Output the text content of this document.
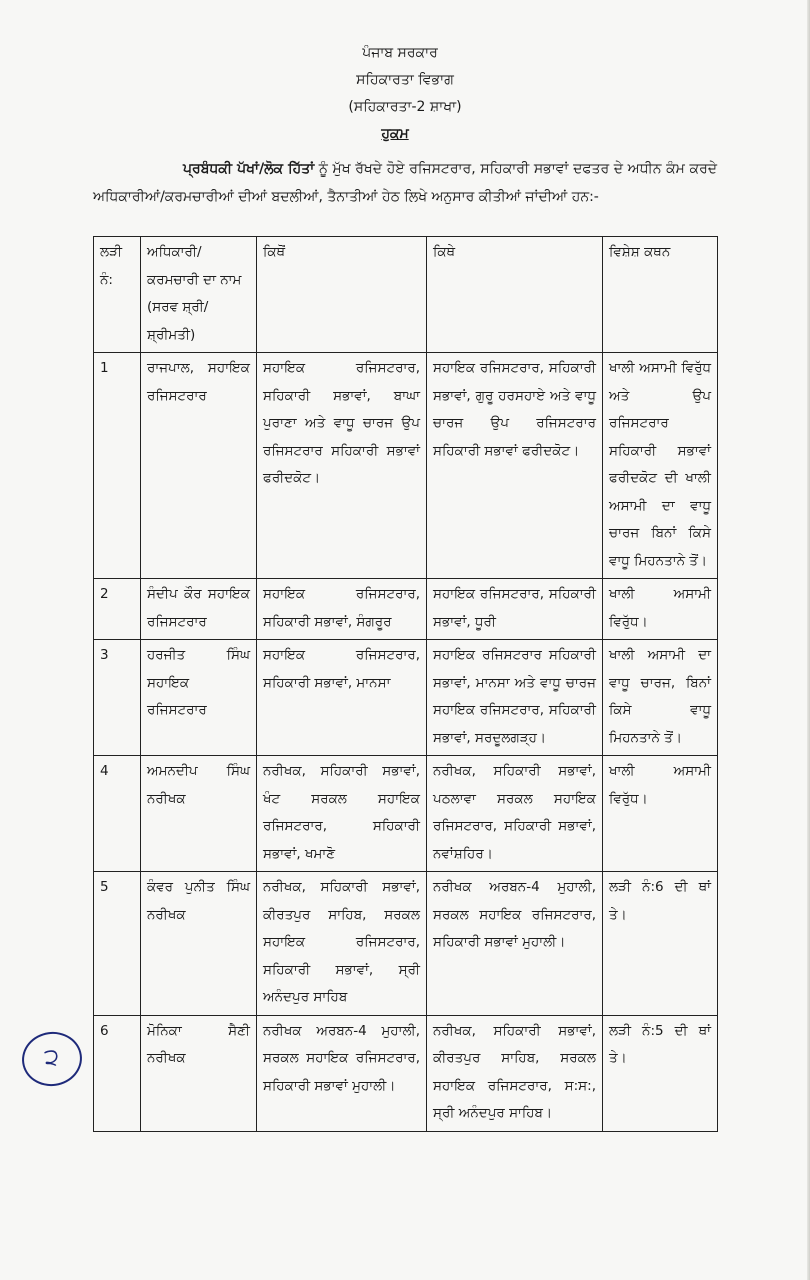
ਪੰਜਾਬ ਸਰਕਾਰ
ਸਹਿਕਾਰਤਾ ਵਿਭਾਗ
(ਸਹਿਕਾਰਤਾ-2 ਸ਼ਾਖਾ)
ਹੁਕਮ
ਪ੍ਰਬੰਧਕੀ ਪੱਖਾਂ/ਲੋਕ ਹਿੱਤਾਂ ਨੂੰ ਮੁੱਖ ਰੱਖਦੇ ਹੋਏ ਰਜਿਸਟਰਾਰ, ਸਹਿਕਾਰੀ ਸਭਾਵਾਂ ਦਫਤਰ ਦੇ ਅਧੀਨ ਕੰਮ ਕਰਦੇ ਅਧਿਕਾਰੀਆਂ/ਕਰਮਚਾਰੀਆਂ ਦੀਆਂ ਬਦਲੀਆਂ, ਤੈਨਾਤੀਆਂ ਹੇਠ ਲਿਖੇ ਅਨੁਸਾਰ ਕੀਤੀਆਂ ਜਾਂਦੀਆਂ ਹਨ:-
ਲੜੀ ਨੰ:	ਅਧਿਕਾਰੀ/ ਕਰਮਚਾਰੀ ਦਾ ਨਾਮ (ਸਰਵ ਸ਼੍ਰੀ/ ਸ਼੍ਰੀਮਤੀ)	ਕਿਥੋਂ	ਕਿਥੇ	ਵਿਸ਼ੇਸ਼ ਕਥਨ
1	ਰਾਜਪਾਲ, ਸਹਾਇਕ ਰਜਿਸਟਰਾਰ	ਸਹਾਇਕ ਰਜਿਸਟਰਾਰ, ਸਹਿਕਾਰੀ ਸਭਾਵਾਂ, ਬਾਘਾ ਪੁਰਾਣਾ ਅਤੇ ਵਾਧੂ ਚਾਰਜ ਉਪ ਰਜਿਸਟਰਾਰ ਸਹਿਕਾਰੀ ਸਭਾਵਾਂ ਫਰੀਦਕੋਟ।	ਸਹਾਇਕ ਰਜਿਸਟਰਾਰ, ਸਹਿਕਾਰੀ ਸਭਾਵਾਂ, ਗੁਰੂ ਹਰਸਹਾਏ ਅਤੇ ਵਾਧੂ ਚਾਰਜ ਉਪ ਰਜਿਸਟਰਾਰ ਸਹਿਕਾਰੀ ਸਭਾਵਾਂ ਫਰੀਦਕੋਟ।	ਖਾਲੀ ਅਸਾਮੀ ਵਿਰੁੱਧ ਅਤੇ ਉਪ ਰਜਿਸਟਰਾਰ ਸਹਿਕਾਰੀ ਸਭਾਵਾਂ ਫਰੀਦਕੋਟ ਦੀ ਖਾਲੀ ਅਸਾਮੀ ਦਾ ਵਾਧੂ ਚਾਰਜ ਬਿਨਾਂ ਕਿਸੇ ਵਾਧੂ ਮਿਹਨਤਾਨੇ ਤੋਂ।
2	ਸੰਦੀਪ ਕੌਰ ਸਹਾਇਕ ਰਜਿਸਟਰਾਰ	ਸਹਾਇਕ ਰਜਿਸਟਰਾਰ, ਸਹਿਕਾਰੀ ਸਭਾਵਾਂ, ਸੰਗਰੂਰ	ਸਹਾਇਕ ਰਜਿਸਟਰਾਰ, ਸਹਿਕਾਰੀ ਸਭਾਵਾਂ, ਧੂਰੀ	ਖਾਲੀ ਅਸਾਮੀ ਵਿਰੁੱਧ।
3	ਹਰਜੀਤ ਸਿੰਘ ਸਹਾਇਕ ਰਜਿਸਟਰਾਰ	ਸਹਾਇਕ ਰਜਿਸਟਰਾਰ, ਸਹਿਕਾਰੀ ਸਭਾਵਾਂ, ਮਾਨਸਾ	ਸਹਾਇਕ ਰਜਿਸਟਰਾਰ ਸਹਿਕਾਰੀ ਸਭਾਵਾਂ, ਮਾਨਸਾ ਅਤੇ ਵਾਧੂ ਚਾਰਜ ਸਹਾਇਕ ਰਜਿਸਟਰਾਰ, ਸਹਿਕਾਰੀ ਸਭਾਵਾਂ, ਸਰਦੂਲਗੜ੍ਹ।	ਖਾਲੀ ਅਸਾਮੀ ਦਾ ਵਾਧੂ ਚਾਰਜ, ਬਿਨਾਂ ਕਿਸੇ ਵਾਧੂ ਮਿਹਨਤਾਨੇ ਤੋਂ।
4	ਅਮਨਦੀਪ ਸਿੰਘ ਨਰੀਖਕ	ਨਰੀਖਕ, ਸਹਿਕਾਰੀ ਸਭਾਵਾਂ, ਖੰਟ ਸਰਕਲ ਸਹਾਇਕ ਰਜਿਸਟਰਾਰ, ਸਹਿਕਾਰੀ ਸਭਾਵਾਂ, ਖਮਾਣੋ	ਨਰੀਖਕ, ਸਹਿਕਾਰੀ ਸਭਾਵਾਂ, ਪਠਲਾਵਾ ਸਰਕਲ ਸਹਾਇਕ ਰਜਿਸਟਰਾਰ, ਸਹਿਕਾਰੀ ਸਭਾਵਾਂ, ਨਵਾਂਸ਼ਹਿਰ।	ਖਾਲੀ ਅਸਾਮੀ ਵਿਰੁੱਧ।
5	ਕੰਵਰ ਪੁਨੀਤ ਸਿੰਘ ਨਰੀਖਕ	ਨਰੀਖਕ, ਸਹਿਕਾਰੀ ਸਭਾਵਾਂ, ਕੀਰਤਪੁਰ ਸਾਹਿਬ, ਸਰਕਲ ਸਹਾਇਕ ਰਜਿਸਟਰਾਰ, ਸਹਿਕਾਰੀ ਸਭਾਵਾਂ, ਸ੍ਰੀ ਅਨੰਦਪੁਰ ਸਾਹਿਬ	ਨਰੀਖਕ ਅਰਬਨ-4 ਮੁਹਾਲੀ, ਸਰਕਲ ਸਹਾਇਕ ਰਜਿਸਟਰਾਰ, ਸਹਿਕਾਰੀ ਸਭਾਵਾਂ ਮੁਹਾਲੀ।	ਲੜੀ ਨੰ:6 ਦੀ ਥਾਂ ਤੇ।
6	ਮੋਨਿਕਾ ਸੈਣੀ ਨਰੀਖਕ	ਨਰੀਖਕ ਅਰਬਨ-4 ਮੁਹਾਲੀ, ਸਰਕਲ ਸਹਾਇਕ ਰਜਿਸਟਰਾਰ, ਸਹਿਕਾਰੀ ਸਭਾਵਾਂ ਮੁਹਾਲੀ।	ਨਰੀਖਕ, ਸਹਿਕਾਰੀ ਸਭਾਵਾਂ, ਕੀਰਤਪੁਰ ਸਾਹਿਬ, ਸਰਕਲ ਸਹਾਇਕ ਰਜਿਸਟਰਾਰ, ਸ:ਸ:, ਸ੍ਰੀ ਅਨੰਦਪੁਰ ਸਾਹਿਬ।	ਲੜੀ ਨੰ:5 ਦੀ ਥਾਂ ਤੇ।
੨
